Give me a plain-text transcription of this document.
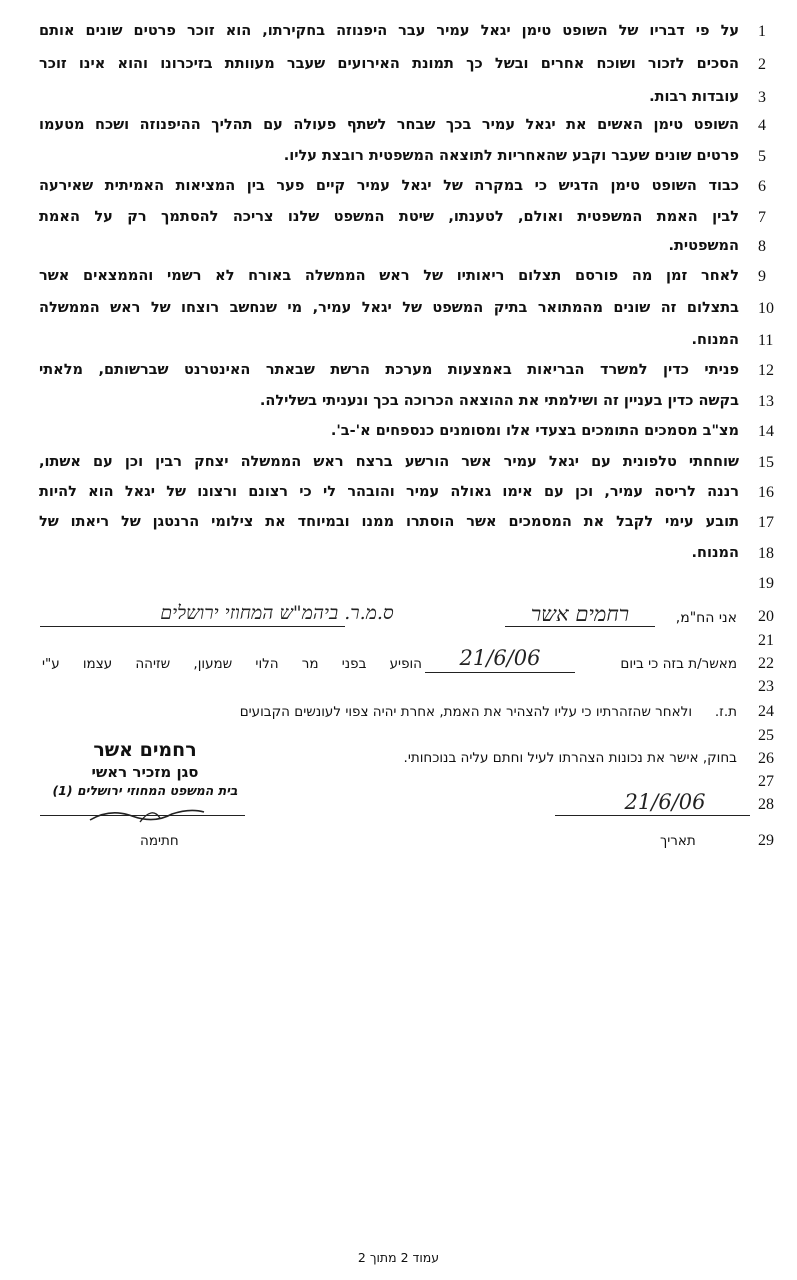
1
2
3
4
5
6
7
8
9
10
11
12
13
14
15
16
17
18
19
20
21
22
23
24
25
26
27
28
29
על פי דבריו של השופט טימן יגאל עמיר עבר היפנוזה בחקירתו, הוא זוכר פרטים שונים אותם
הסכים לזכור ושוכח אחרים ובשל כך תמונת האירועים שעבר מעוותת בזיכרונו והוא אינו זוכר
עובדות רבות.
השופט טימן האשים את יגאל עמיר בכך שבחר לשתף פעולה עם תהליך ההיפנוזה ושכח מטעמו
פרטים שונים שעבר וקבע שהאחריות לתוצאה המשפטית רובצת עליו.
כבוד השופט טימן הדגיש כי במקרה של יגאל עמיר קיים פער בין המציאות האמיתית שאירעה
לבין האמת המשפטית ואולם, לטענתו, שיטת המשפט שלנו צריכה להסתמך רק על האמת
המשפטית.
לאחר זמן מה פורסם תצלום ריאותיו של ראש הממשלה באורח לא רשמי והממצאים אשר
בתצלום זה שונים מהמתואר בתיק המשפט של יגאל עמיר, מי שנחשב רוצחו של ראש הממשלה
המנוח.
פניתי כדין למשרד הבריאות באמצעות מערכת הרשת שבאתר האינטרנט שברשותם, מלאתי
בקשה כדין בעניין זה ושילמתי את ההוצאה הכרוכה בכך ונעניתי בשלילה.
מצ"ב מסמכים התומכים בצעדי אלו ומסומנים כנספחים א'-ב'.
שוחחתי טלפונית עם יגאל עמיר אשר הורשע ברצח ראש הממשלה יצחק רבין וכן עם אשתו,
רננה לריסה עמיר, וכן עם אימו גאולה עמיר והובהר לי כי רצונם ורצונו של יגאל הוא להיות
תובע עימי לקבל את המסמכים אשר הוסתרו ממנו ובמיוחד את צילומי הרנטגן של ריאתו של
המנוח.
אני הח"מ,
רחמים אשר
ס.מ.ר. ביהמ"ש המחוזי ירושלים
מאשר/ת בזה כי ביום
21/6/06
הופיע בפני מר הלוי שמעון, שזיהה עצמו ע"י
ת.ז.
ולאחר שהזהרתיו כי עליו להצהיר את האמת, אחרת יהיה צפוי לעונשים הקבועים
רחמים אשר
סגן מזכיר ראשי
בית המשפט המחוזי ירושלים (1)
בחוק, אישר את נכונות הצהרתו לעיל וחתם עליה בנוכחותי.
21/6/06
תאריך
חתימה
עמוד 2 מתוך 2
